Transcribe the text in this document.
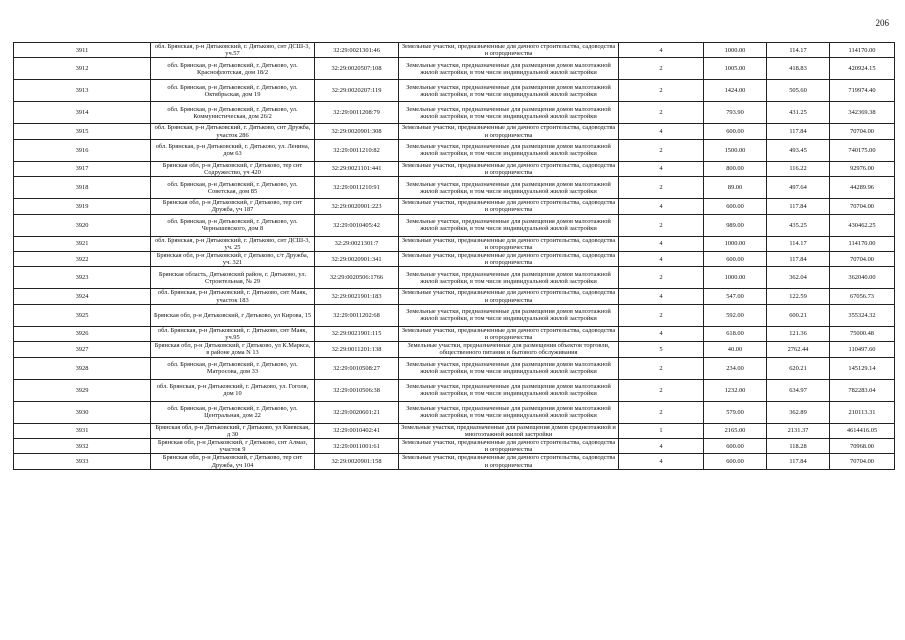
206
3911	обл. Брянская, р-н Дятьковский, г. Дятьково, снт ДСШ-3, уч.57	32:29:0021301:46	Земельные участки, предназначенные для дачного строительства, садоводства и огородничества	4	1000.00	114.17	114170.00
3912	обл. Брянская, р-н Дятьковский, г. Дятьково, ул. Краснофлотская, дом 18/2	32:29:0020507:108	Земельные участки, предназначенные для размещения домов малоэтажной жилой застройки, в том числе индивидуальной жилой застройки	2	1005.00	418.83	420924.15
3913	обл. Брянская, р-н Дятьковский, г. Дятьково, ул. Октябрьская, дом 19	32:29:0020207:119	Земельные участки, предназначенные для размещения домов малоэтажной жилой застройки, в том числе индивидуальной жилой застройки	2	1424.00	505.60	719974.40
3914	обл. Брянская, р-н Дятьковский, г. Дятьково, ул. Коммунистическая, дом 26/2	32:29:0011208:79	Земельные участки, предназначенные для размещения домов малоэтажной жилой застройки, в том числе индивидуальной жилой застройки	2	793.90	431.25	342369.38
3915	обл. Брянская, р-н Дятьковский, г. Дятьково, снт Дружба, участок 286	32:29:0020901:308	Земельные участки, предназначенные для дачного строительства, садоводства и огородничества	4	600.00	117.84	70704.00
3916	обл. Брянская, р-н Дятьковский, г. Дятьково, ул. Ленина, дом 63	32:29:0011210:82	Земельные участки, предназначенные для размещения домов малоэтажной жилой застройки, в том числе индивидуальной жилой застройки	2	1500.00	493.45	740175.00
3917	Брянская обл, р-н Дятьковский, г Дятьково, тер снт Содружество, уч 420	32:29:0021101:441	Земельные участки, предназначенные для дачного строительства, садоводства и огородничества	4	800.00	116.22	92976.00
3918	обл. Брянская, р-н Дятьковский, г. Дятьково, ул. Советская, дом 85	32:29:0011210:91	Земельные участки, предназначенные для размещения домов малоэтажной жилой застройки, в том числе индивидуальной жилой застройки	2	89.00	497.64	44289.96
3919	Брянская обл, р-н Дятьковский, г Дятьково, тер снт Дружба, уч 187	32:29:0020901:223	Земельные участки, предназначенные для дачного строительства, садоводства и огородничества	4	600.00	117.84	70704.00
3920	обл. Брянская, р-н Дятьковский, г. Дятьково, ул. Чернышевского, дом 8	32:29:0010405:42	Земельные участки, предназначенные для размещения домов малоэтажной жилой застройки, в том числе индивидуальной жилой застройки	2	989.00	435.25	430462.25
3921	обл. Брянская, р-н Дятьковский, г. Дятьково, снт ДСШ-3, уч. 25	32:29:0021301:7	Земельные участки, предназначенные для дачного строительства, садоводства и огородничества	4	1000.00	114.17	114170.00
3922	Брянская обл, р-н Дятьковский, г Дятьково, с/т Дружба, уч. 321	32:29:0020901:341	Земельные участки, предназначенные для дачного строительства, садоводства и огородничества	4	600.00	117.84	70704.00
3923	Брянская область, Дятьковский район, г. Дятьково, ул. Строительная, № 29	32:29:0020506:1766	Земельные участки, предназначенные для размещения домов малоэтажной жилой застройки, в том числе индивидуальной жилой застройки	2	1000.00	362.04	362040.00
3924	обл. Брянская, р-н Дятьковский, г. Дятьково, снт Маяк, участок 183	32:29:0021901:183	Земельные участки, предназначенные для дачного строительства, садоводства и огородничества	4	547.00	122.59	67056.73
3925	Брянская обл, р-н Дятьковский, г Дятьково, ул Кирова, 15	32:29:0011202:68	Земельные участки, предназначенные для размещения домов малоэтажной жилой застройки, в том числе индивидуальной жилой застройки	2	592.00	600.21	355324.32
3926	обл. Брянская, р-н Дятьковский, г. Дятьково, снт Маяк, уч.95	32:29:0021901:115	Земельные участки, предназначенные для дачного строительства, садоводства и огородничества	4	618.00	121.36	75000.48
3927	Брянская обл, р-н Дятьковский, г Дятьково, ул К.Маркса, в районе дома N 13	32:29:0011201:138	Земельные участки, предназначенные для размещения объектов торговли, общественного питания и бытового обслуживания	5	40.00	2762.44	110497.60
3928	обл. Брянская, р-н Дятьковский, г. Дятьково, ул. Матросова, дом 33	32:29:0010508:27	Земельные участки, предназначенные для размещения домов малоэтажной жилой застройки, в том числе индивидуальной жилой застройки	2	234.00	620.21	145129.14
3929	обл. Брянская, р-н Дятьковский, г. Дятьково, ул. Гоголя, дом 10	32:29:0010506:38	Земельные участки, предназначенные для размещения домов малоэтажной жилой застройки, в том числе индивидуальной жилой застройки	2	1232.00	634.97	782283.04
3930	обл. Брянская, р-н Дятьковский, г. Дятьково, ул. Центральная, дом 22	32:29:0020601:21	Земельные участки, предназначенные для размещения домов малоэтажной жилой застройки, в том числе индивидуальной жилой застройки	2	579.00	362.89	210113.31
3931	Брянская обл, р-н Дятьковский, г Дятьково, ул Киевская, д 30	32:29:0010402:41	Земельные участки, предназначенные для размещения домов среднеэтажной и многоэтажной жилой застройки	1	2165.00	2131.37	4614416.05
3932	Брянская обл, р-н Дятьковский, г Дятьково, снт Алмаз, участок 9	32:29:0011001:61	Земельные участки, предназначенные для дачного строительства, садоводства и огородничества	4	600.00	118.28	70968.00
3933	Брянская обл, р-н Дятьковский, г Дятьково, тер снт Дружба, уч 104	32:29:0020901:158	Земельные участки, предназначенные для дачного строительства, садоводства и огородничества	4	600.00	117.84	70704.00
